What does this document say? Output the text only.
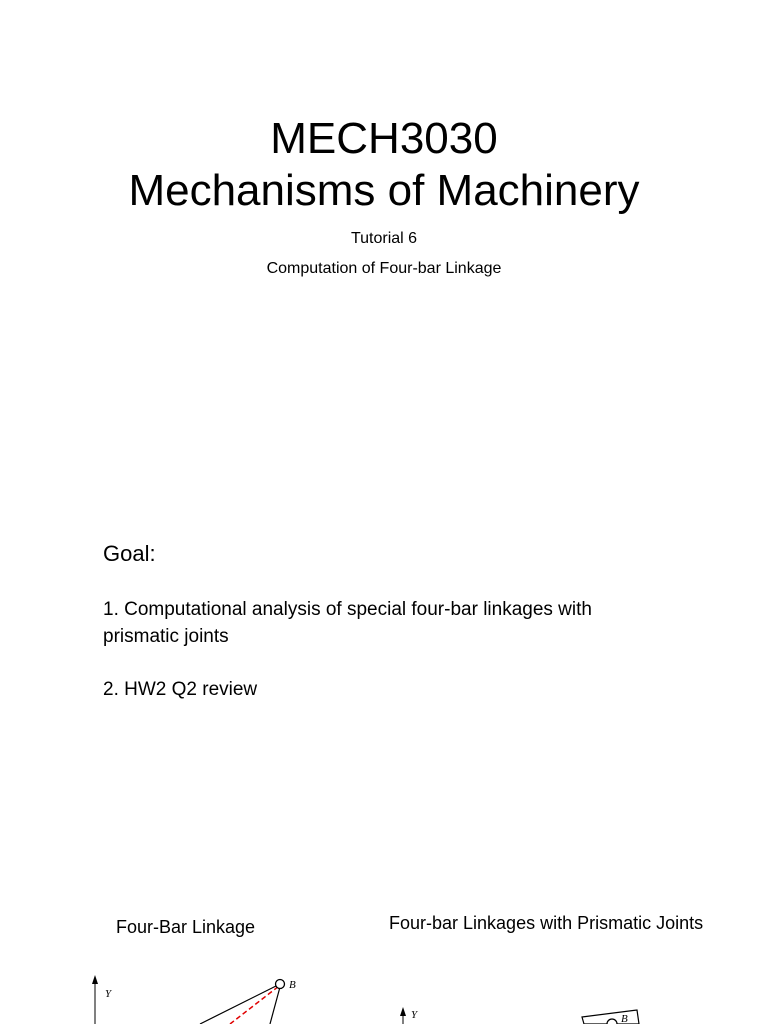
MECH3030
Mechanisms of Machinery
Tutorial 6
Computation of Four-bar Linkage
Goal:
1. Computational analysis of special four-bar linkages with prismatic joints
2. HW2 Q2 review
Four-Bar Linkage	Four-bar Linkages with Prismatic Joints
Y
B
Y	B
